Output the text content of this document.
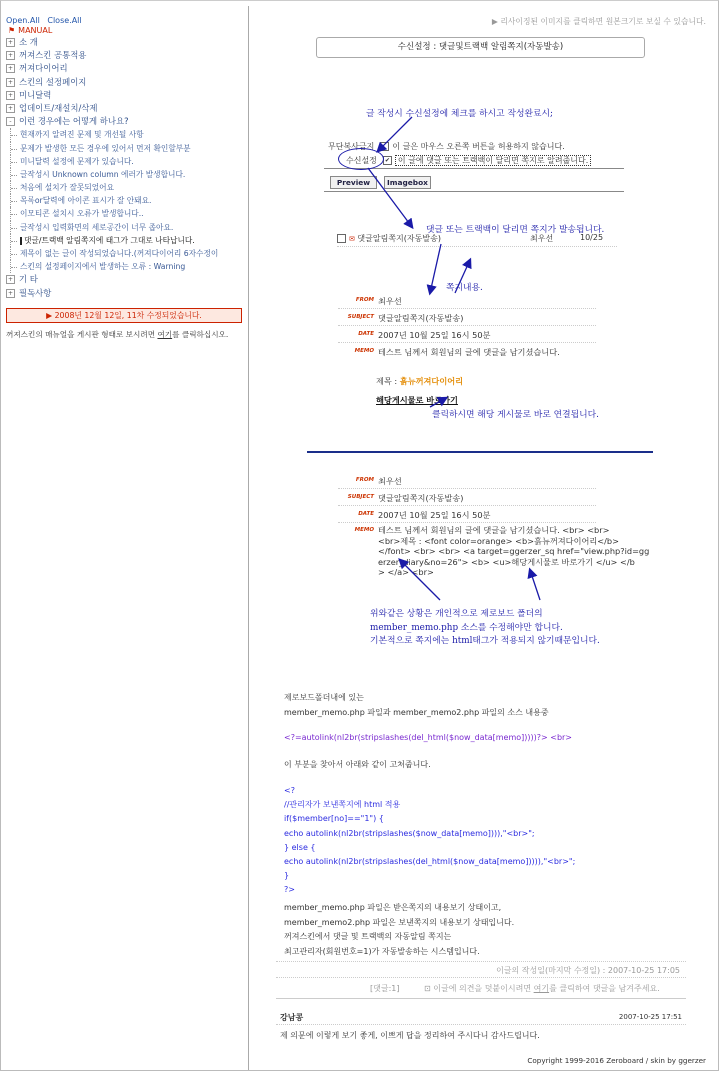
Open.All Close.All
⚑ MANUAL
+ 소 개
+ 꺼져스킨 공통적용
+ 꺼져다이어리
+ 스킨의 설정페이지
+ 미니달력
+ 업데이트/재설치/삭제
- 이런 경우에는 어떻게 하나요?
현재까지 알려진 문제 및 개선될 사항
문제가 발생한 모든 경우에 있어서 먼저 확인할부분
미니달력 설정에 문제가 있습니다.
글작성시 Unknown column 에러가 발생합니다.
처음에 설치가 잘못되었어요
목록or달력에 아이콘 표시가 잘 안돼요.
이모티콘 설치시 오류가 발생합니다..
글작성시 입력화면의 세로공간이 너무 좁아요.
댓글/트랙백 알림쪽지에 태그가 그대로 나타납니다.
제목이 없는 글이 작성되었습니다.(꺼져다이어리 6자수정이
스킨의 설정페이지에서 발생하는 오류 : Warning
+ 기 타
+ 필독사항
▶ 2008년 12월 12일, 11차 수정되었습니다.
꺼져스킨의 매뉴얼을 게시판 형태로 보시려면 여기를 클릭하십시오.
▶ 리사이징된 이미지를 클릭하면 원본크기로 보실 수 있습니다.
수신설정 : 댓글및트랙백 알림쪽지(자동발송)
글 작성시 수신설정에 체크를 하시고 작성완료시;
무단복사금지 이 글은 마우스 오른쪽 버튼을 허용하지 않습니다.
수신설정 ✔ 이 글에 댓글 또는 트랙백이 달리면 쪽지로 알려줍니다.
Preview	Imagebox
댓글 또는 트랙백이 달리면 쪽지가 발송됩니다.
✉ 댓글알림쪽지(자동발송)	최우선	10/25
쪽지내용.
FROM 최우선
SUBJECT 댓글알림쪽지(자동발송)
DATE 2007년 10월 25일 16시 50분
MEMO 테스트 님께서 회원님의 글에 댓글을 남기셨습니다.
제목 : 흙뉴꺼져다이어리
해당게시물로 바로가기
클릭하시면 해당 게시물로 바로 연결됩니다.
FROM 최우선
SUBJECT 댓글알림쪽지(자동발송)
DATE 2007년 10월 25일 16시 50분
MEMO 테스트 님께서 회원님의 글에 댓글을 남기셨습니다. <br> <br>
<br>제목 : <font color=orange> <b>흙뉴꺼져다이어리</b>
</font> <br> <br> <a target=ggerzer_sq href="view.php?id=gg
erzer_diary&no=26"> <b> <u>해당게시물로 바로가기 </u> </b
> </a> <br>
위와같은 상황은 개인적으로 제로보드 폴더의
member_memo.php 소스를 수정해야만 합니다.
기본적으로 쪽지에는 html태그가 적용되지 않기때문입니다.
제로보드폴더내에 있는
member_memo.php 파일과 member_memo2.php 파일의 소스 내용중
<?=autolink(nl2br(stripslashes(del_html($now_data[memo]))))?> <br>
이 부분을 찾아서 아래와 같이 고쳐줍니다.
<?
//관리자가 보낸쪽지에 html 적용
if($member[no]=="1") {
echo autolink(nl2br(stripslashes($now_data[memo]))),"<br>";
} else {
echo autolink(nl2br(stripslashes(del_html($now_data[memo])))),"<br>";
}
?>
member_memo.php 파일은 받은쪽지의 내용보기 상태이고,
member_memo2.php 파일은 보낸쪽지의 내용보기 상태입니다.
꺼져스킨에서 댓글 및 트랙백의 자동알림 쪽지는
최고관리자(회원번호=1)가 자동발송하는 시스템입니다.
이글의 작성일(마지막 수정일) : 2007-10-25 17:05
[댓글:1]	⊡ 이글에 의견을 덧붙이시려면 여기를 클릭하여 댓글을 남겨주세요.
강남콩	2007-10-25 17:51
제 의문에 이렇게 보기 좋게, 이쁘게 답을 정리하여 주시다니 감사드립니다.
Copyright 1999-2016 Zeroboard / skin by ggerzer
